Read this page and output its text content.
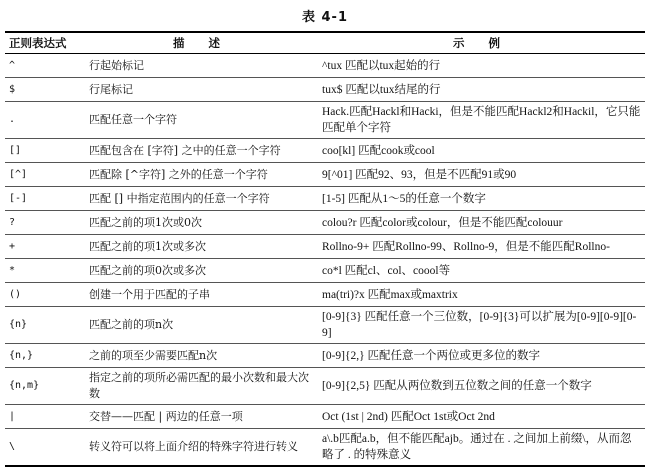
表 4-1
正则表达式	描 述	示 例
^	行起始标记	^tux 匹配以tux起始的行
$	行尾标记	tux$ 匹配以tux结尾的行
.	匹配任意一个字符	Hack.匹配Hackl和Hacki，但是不能匹配Hackl2和Hackil，它只能匹配单个字符
[]	匹配包含在 [字符] 之中的任意一个字符	coo[kl] 匹配cook或cool
[^]	匹配除 [^字符] 之外的任意一个字符	9[^01] 匹配92、93，但是不匹配91或90
[-]	匹配 [] 中指定范围内的任意一个字符	[1-5] 匹配从1～5的任意一个数字
?	匹配之前的项1次或0次	colou?r 匹配color或colour，但是不能匹配colouur
+	匹配之前的项1次或多次	Rollno-9+ 匹配Rollno-99、Rollno-9，但是不能匹配Rollno-
*	匹配之前的项0次或多次	co*l 匹配cl、col、coool等
()	创建一个用于匹配的子串	ma(tri)?x 匹配max或maxtrix
{n}	匹配之前的项n次	[0-9]{3} 匹配任意一个三位数，[0-9]{3}可以扩展为[0-9][0-9][0-9]
{n,}	之前的项至少需要匹配n次	[0-9]{2,} 匹配任意一个两位或更多位的数字
{n,m}	指定之前的项所必需匹配的最小次数和最大次数	[0-9]{2,5} 匹配从两位数到五位数之间的任意一个数字
|	交替——匹配 | 两边的任意一项	Oct (1st | 2nd) 匹配Oct 1st或Oct 2nd
\	转义符可以将上面介绍的特殊字符进行转义	a\.b匹配a.b，但不能匹配ajb。通过在 . 之间加上前缀\，从而忽略了 . 的特殊意义
